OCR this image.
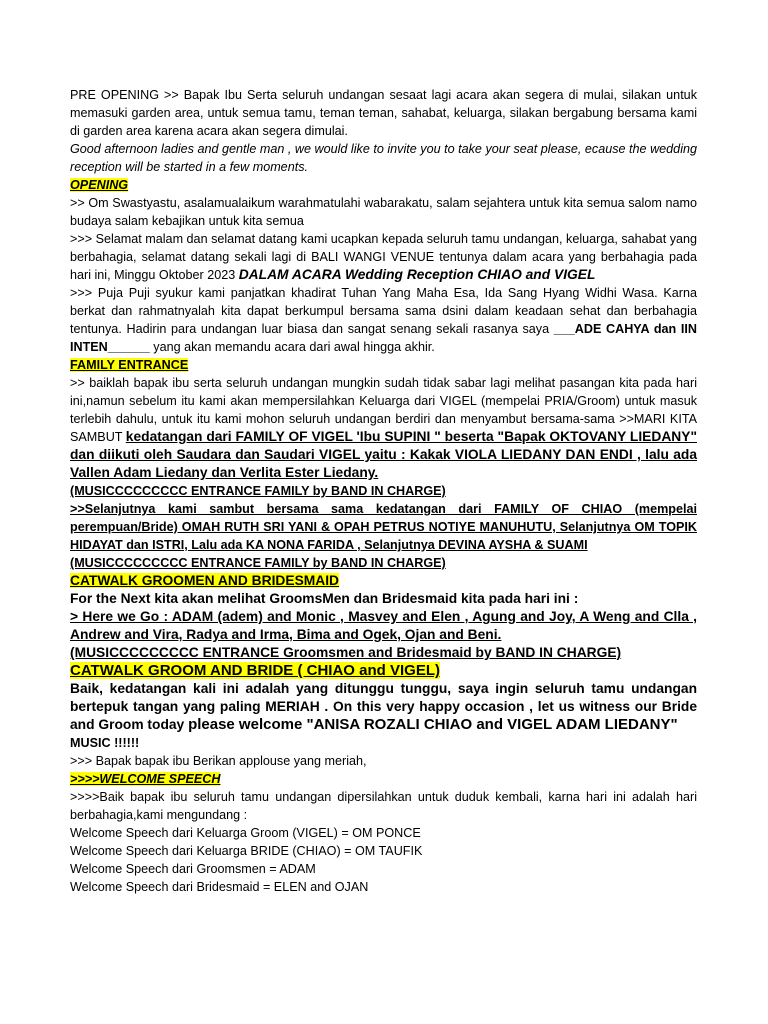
PRE OPENING >> Bapak Ibu Serta seluruh undangan sesaat lagi acara akan segera di mulai, silakan untuk memasuki garden area, untuk semua tamu, teman teman, sahabat, keluarga, silakan bergabung bersama kami di garden area karena acara akan segera dimulai.

Good afternoon ladies and gentle man , we would like to invite you to take your seat please, ecause the wedding reception will be started in a few moments.

OPENING

>> Om Swastyastu, asalamualaikum warahmatulahi wabarakatu, salam sejahtera untuk kita semua salom namo budaya salam kebajikan untuk kita semua

>>> Selamat malam dan selamat datang kami ucapkan kepada seluruh tamu undangan, keluarga, sahabat yang berbahagia, selamat datang sekali lagi di BALI WANGI VENUE tentunya dalam acara yang berbahagia pada hari ini, Minggu Oktober 2023 DALAM ACARA Wedding Reception CHIAO and VIGEL

>>> Puja Puji syukur kami panjatkan khadirat Tuhan Yang Maha Esa, Ida Sang Hyang Widhi Wasa. Karna berkat dan rahmatnyalah kita dapat berkumpul bersama sama dsini dalam keadaan sehat dan berbahagia tentunya. Hadirin para undangan luar biasa dan sangat senang sekali rasanya saya ___ADE CAHYA dan IIN INTEN______ yang akan memandu acara dari awal hingga akhir.

FAMILY ENTRANCE

>> baiklah bapak ibu serta seluruh undangan mungkin sudah tidak sabar lagi melihat pasangan kita pada hari ini,namun sebelum itu kami akan mempersilahkan Keluarga dari VIGEL (mempelai PRIA/Groom) untuk masuk terlebih dahulu, untuk itu kami mohon seluruh undangan berdiri dan menyambut bersama-sama >>MARI KITA SAMBUT kedatangan dari FAMILY OF VIGEL 'Ibu SUPINI " beserta "Bapak OKTOVANY LIEDANY" dan diikuti oleh Saudara dan Saudari VIGEL yaitu : Kakak VIOLA LIEDANY DAN ENDI , lalu ada Vallen Adam Liedany dan Verlita Ester Liedany.

(MUSICCCCCCCCC ENTRANCE FAMILY by BAND IN CHARGE)

>>Selanjutnya kami sambut bersama sama kedatangan dari FAMILY OF CHIAO (mempelai perempuan/Bride) OMAH RUTH SRI YANI & OPAH PETRUS NOTIYE MANUHUTU, Selanjutnya OM TOPIK HIDAYAT dan ISTRI, Lalu ada KA NONA FARIDA , Selanjutnya DEVINA AYSHA & SUAMI

(MUSICCCCCCCCC ENTRANCE FAMILY by BAND IN CHARGE)

CATWALK GROOMEN AND BRIDESMAID

For the Next kita akan melihat GroomsMen dan Bridesmaid kita pada hari ini :

> Here we Go : ADAM (adem) and Monic , Masvey and Elen , Agung and Joy, A Weng and Clla , Andrew and Vira, Radya and Irma, Bima and Ogek, Ojan and Beni.

(MUSICCCCCCCCC ENTRANCE Groomsmen and Bridesmaid by BAND IN CHARGE)

CATWALK GROOM AND BRIDE ( CHIAO and VIGEL)

Baik, kedatangan kali ini adalah yang ditunggu tunggu, saya ingin seluruh tamu undangan bertepuk tangan yang paling MERIAH . On this very happy occasion , let us witness our Bride and Groom today please welcome "ANISA ROZALI CHIAO and VIGEL ADAM LIEDANY"

MUSIC !!!!!!

>>> Bapak bapak ibu Berikan applouse yang meriah,

>>>>WELCOME SPEECH

>>>>Baik bapak ibu seluruh tamu undangan dipersilahkan untuk duduk kembali, karna hari ini adalah hari berbahagia,kami mengundang :

Welcome Speech dari Keluarga Groom (VIGEL) = OM PONCE

Welcome Speech dari Keluarga BRIDE (CHIAO) = OM TAUFIK

Welcome Speech dari Groomsmen = ADAM

Welcome Speech dari Bridesmaid = ELEN and OJAN
